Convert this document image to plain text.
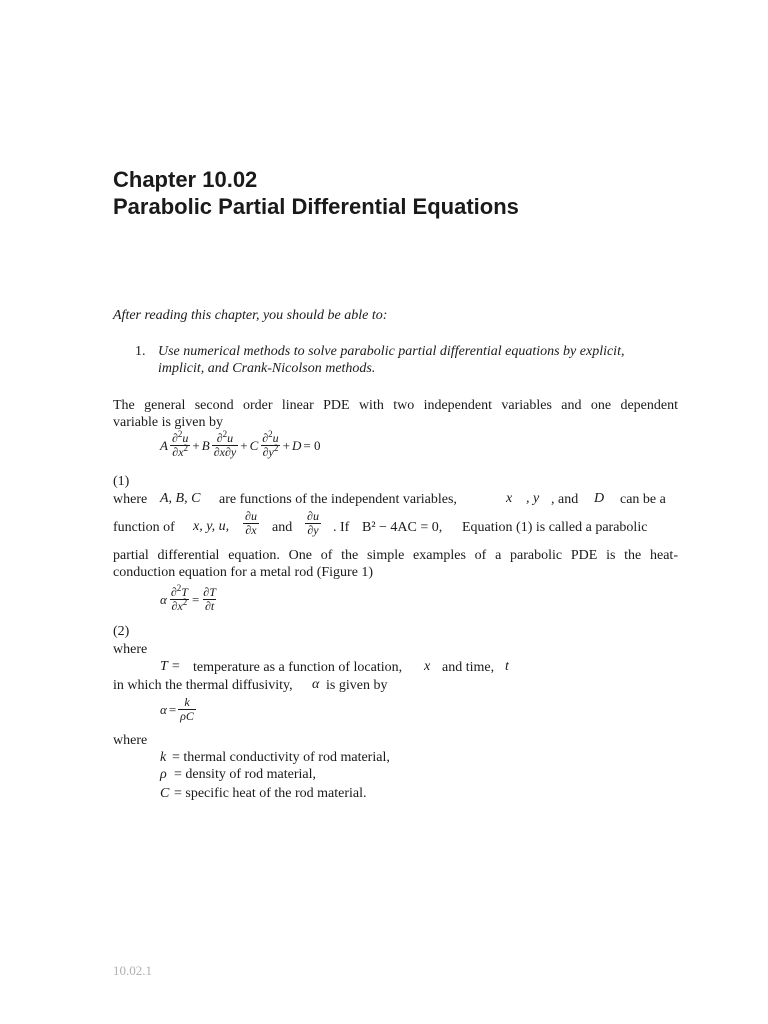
Chapter 10.02
Parabolic Partial Differential Equations
After reading this chapter, you should be able to:
1. Use numerical methods to solve parabolic partial differential equations by explicit,
implicit, and Crank-Nicolson methods.
The general second order linear PDE with two independent variables and one dependent
variable is given by
A $\frac{\partial^2u}{\partial x^2} + B \frac{\partial^2u}{\partial x\partial y} + C \frac{\partial^2u}{\partial y^2} + D = 0$
(1)
where A, B, C are functions of the independent variables,	x , y , and D can be a
function of x, y, u, $\frac{\partial u}{\partial x}$ and $\frac{\partial u}{\partial y}$ . If B² − 4AC = 0, Equation (1) is called a parabolic
partial differential equation. One of the simple examples of a parabolic PDE is the heat-
conduction equation for a metal rod (Figure 1)
α $\frac{\partial^2T}{\partial x^2} = \frac{\partial T}{\partial t}$
(2)
where
T = temperature as a function of location, x and time, t
in which the thermal diffusivity, α is given by
$\alpha = \frac{k}{\rho C}$
where
k = thermal conductivity of rod material,
ρ = density of rod material,
C = specific heat of the rod material.
10.02.1
